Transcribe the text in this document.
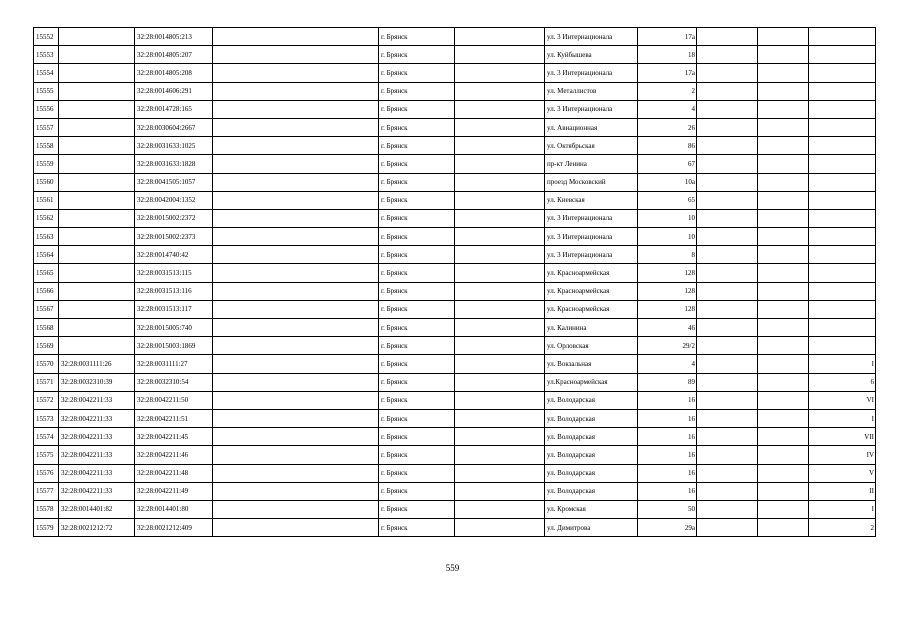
15552		32:28:0014805:213		г. Брянск		ул. 3 Интернационала	17а			
15553		32:28:0014805:207		г. Брянск		ул. Куйбышева	18			
15554		32:28:0014805:208		г. Брянск		ул. 3 Интернационала	17а			
15555		32:28:0014606:291		г. Брянск		ул. Металлистов	2			
15556		32:28:0014728:165		г. Брянск		ул. 3 Интернационала	4			
15557		32:28:0030604:2667		г. Брянск		ул. Авиационная	26			
15558		32:28:0031633:1025		г. Брянск		ул. Октябрьская	86			
15559		32:28:0031633:1828		г. Брянск		пр-кт Ленина	67			
15560		32:28:0041505:1057		г. Брянск		проезд Московский	10а			
15561		32:28:0042004:1352		г. Брянск		ул. Киевская	65			
15562		32:28:0015002:2372		г. Брянск		ул. 3 Интернационала	10			
15563		32:28:0015002:2373		г. Брянск		ул. 3 Интернационала	10			
15564		32:28:0014740:42		г. Брянск		ул. 3 Интернационала	8			
15565		32:28:0031513:115		г. Брянск		ул. Красноармейская	128			
15566		32:28:0031513:116		г. Брянск		ул. Красноармейская	128			
15567		32:28:0031513:117		г. Брянск		ул. Красноармейская	128			
15568		32:28:0015005:740		г. Брянск		ул. Калинина	46			
15569		32:28:0015003:1869		г. Брянск		ул. Орловская	29/2			
15570	32:28:0031111:26	32:28:0031111:27		г. Брянск		ул. Вокзальная	4			I
15571	32:28:0032310:39	32:28:0032310:54		г. Брянск		ул.Красноармейская	89			6
15572	32:28:0042211:33	32:28:0042211:50		г. Брянск		ул. Володарская	16			VI
15573	32:28:0042211:33	32:28:0042211:51		г. Брянск		ул. Володарская	16			I
15574	32:28:0042211:33	32:28:0042211:45		г. Брянск		ул. Володарская	16			VII
15575	32:28:0042211:33	32:28:0042211:46		г. Брянск		ул. Володарская	16			IV
15576	32:28:0042211:33	32:28:0042211:48		г. Брянск		ул. Володарская	16			V
15577	32:28:0042211:33	32:28:0042211:49		г. Брянск		ул. Володарская	16			II
15578	32:28:0014401:82	32:28:0014401:80		г. Брянск		ул. Кромская	50			I
15579	32:28:0021212:72	32:28:0021212:409		г. Брянск		ул. Димитрова	29а			2
559
